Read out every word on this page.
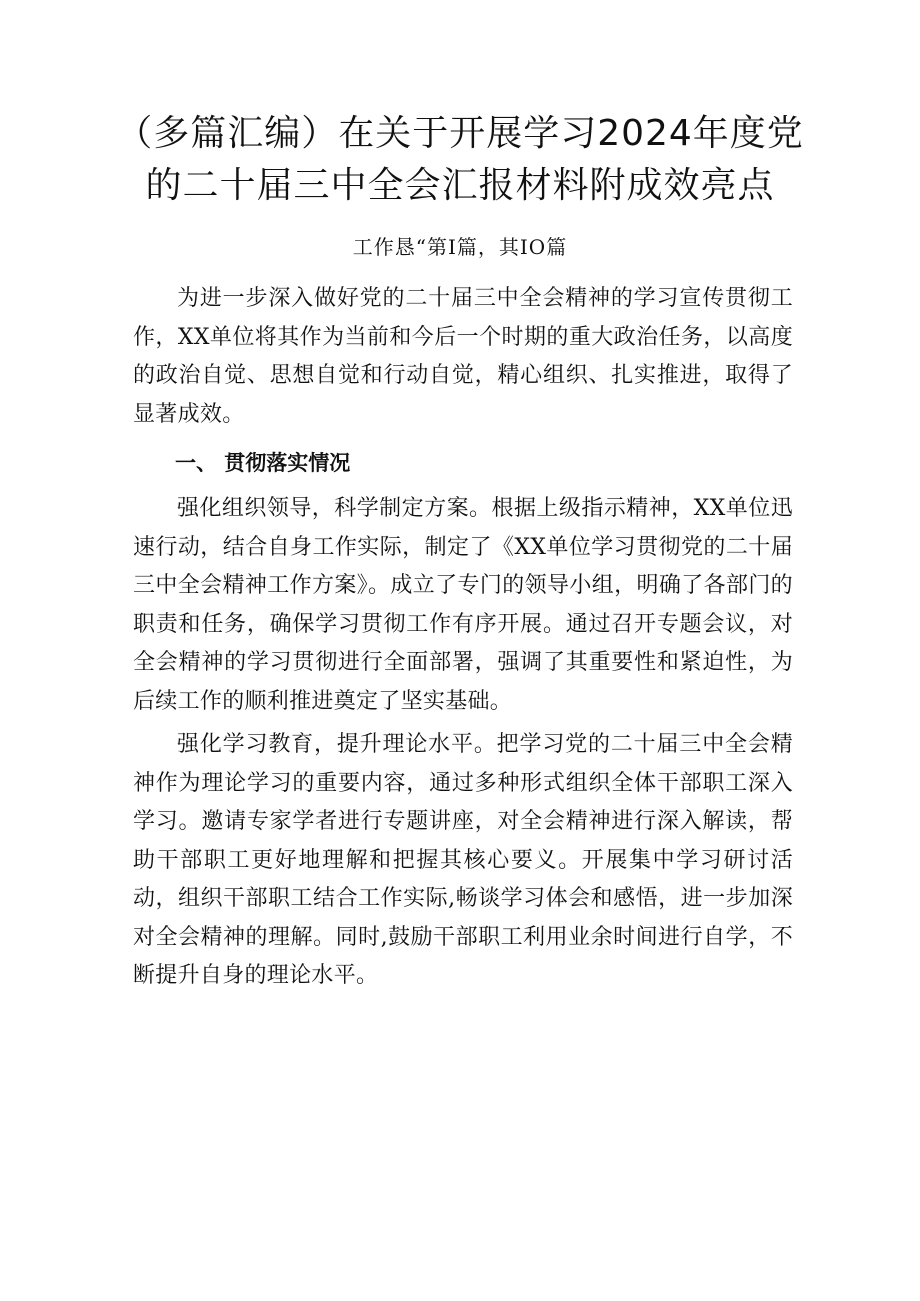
（多篇汇编）在关于开展学习2024年度党
的二十届三中全会汇报材料附成效亮点
工作恳“第I篇，其IO篇

为进一步深入做好党的二十届三中全会精神的学习宣传贯彻工作，XX单位将其作为当前和今后一个时期的重大政治任务，以高度的政治自觉、思想自觉和行动自觉，精心组织、扎实推进，取得了显著成效。

一、 贯彻落实情况

强化组织领导，科学制定方案。根据上级指示精神，XX单位迅速行动，结合自身工作实际，制定了《XX单位学习贯彻党的二十届三中全会精神工作方案》。成立了专门的领导小组，明确了各部门的职责和任务，确保学习贯彻工作有序开展。通过召开专题会议，对全会精神的学习贯彻进行全面部署，强调了其重要性和紧迫性，为后续工作的顺利推进奠定了坚实基础。

强化学习教育，提升理论水平。把学习党的二十届三中全会精神作为理论学习的重要内容，通过多种形式组织全体干部职工深入学习。邀请专家学者进行专题讲座，对全会精神进行深入解读，帮助干部职工更好地理解和把握其核心要义。开展集中学习研讨活动，组织干部职工结合工作实际,畅谈学习体会和感悟，进一步加深对全会精神的理解。同时,鼓励干部职工利用业余时间进行自学，不断提升自身的理论水平。
